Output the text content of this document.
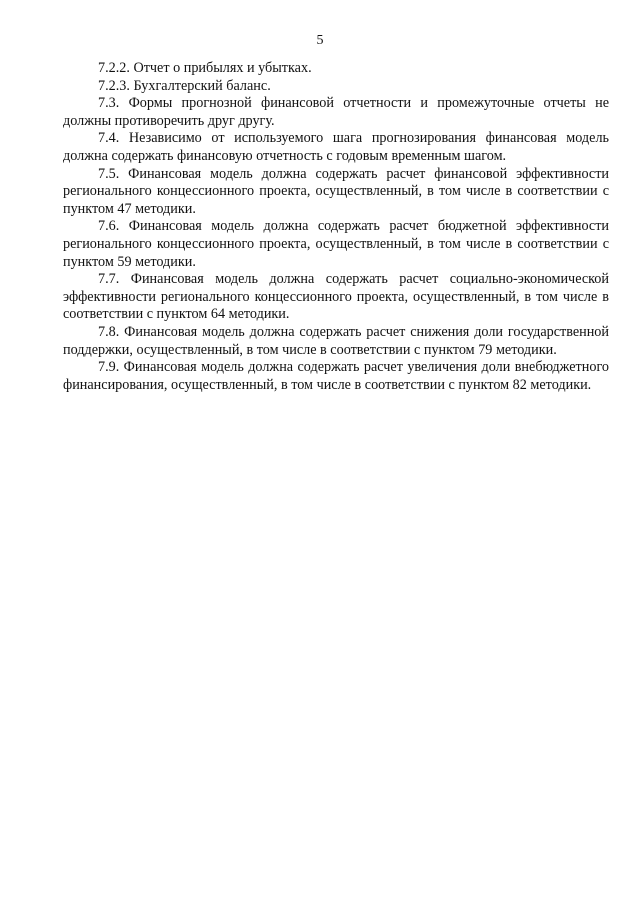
5

7.2.2. Отчет о прибылях и убытках.

7.2.3. Бухгалтерский баланс.

7.3. Формы прогнозной финансовой отчетности и промежуточные отчеты не должны противоречить друг другу.

7.4. Независимо от используемого шага прогнозирования финансовая модель должна содержать финансовую отчетность с годовым временным шагом.

7.5. Финансовая модель должна содержать расчет финансовой эффективности регионального концессионного проекта, осуществленный, в том числе в соответствии с пунктом 47 методики.

7.6. Финансовая модель должна содержать расчет бюджетной эффективности регионального концессионного проекта, осуществленный, в том числе в соответствии с пунктом 59 методики.

7.7. Финансовая модель должна содержать расчет социально-экономической эффективности регионального концессионного проекта, осуществленный, в том числе в соответствии с пунктом 64 методики.

7.8. Финансовая модель должна содержать расчет снижения доли государственной поддержки, осуществленный, в том числе в соответствии с пунктом 79 методики.

7.9. Финансовая модель должна содержать расчет увеличения доли внебюджетного финансирования, осуществленный, в том числе в соответствии с пунктом 82 методики.
